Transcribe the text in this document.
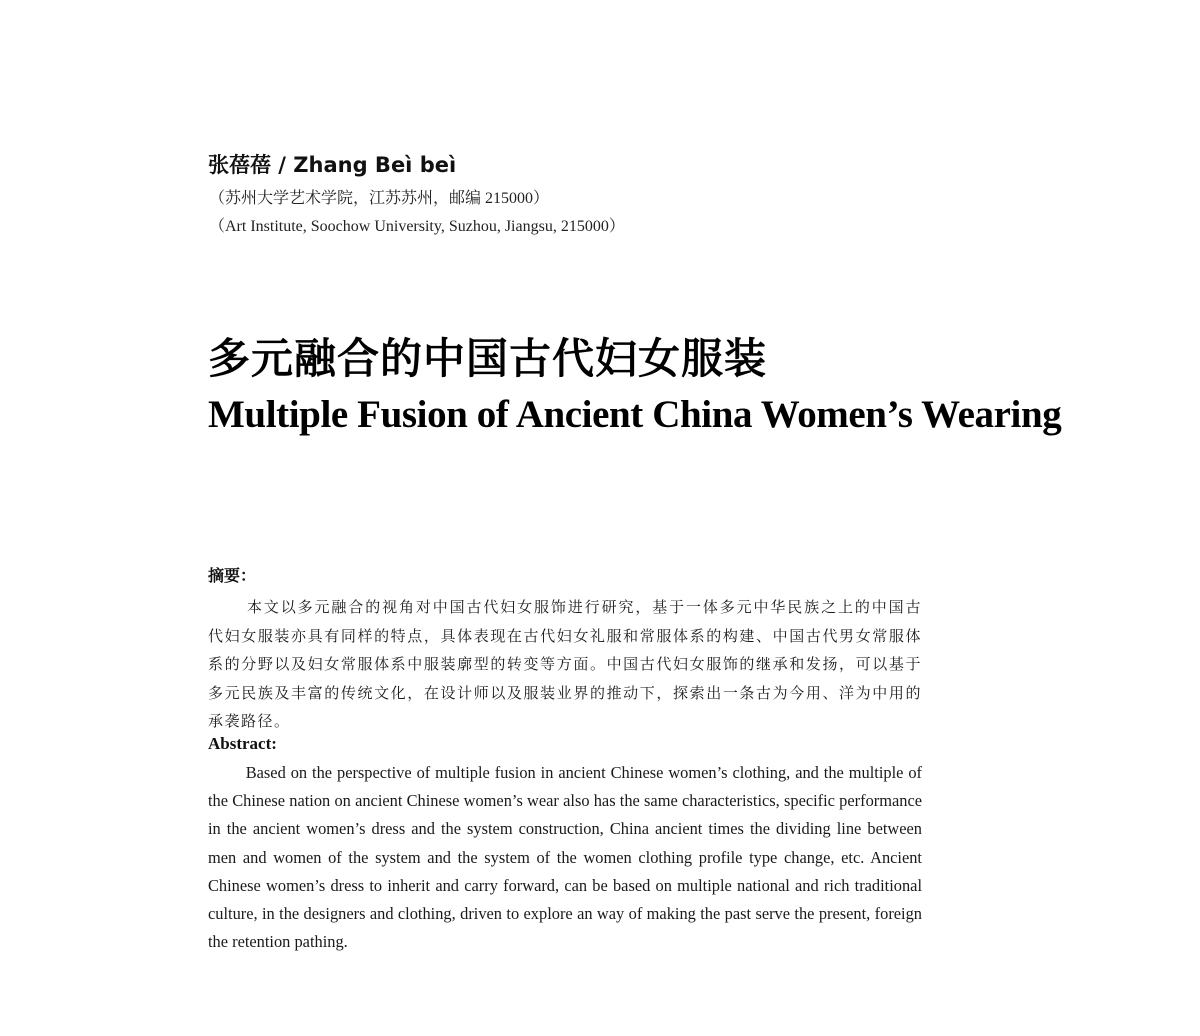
张蓓蓓 / Zhang Beì beì
（苏州大学艺术学院，江苏苏州，邮编 215000）
（Art Institute, Soochow University, Suzhou, Jiangsu, 215000）
多元融合的中国古代妇女服装
Multiple Fusion of Ancient China Women’s Wearing
摘要：

本文以多元融合的视角对中国古代妇女服饰进行研究，基于一体多元中华民族之上的中国古代妇女服装亦具有同样的特点，具体表现在古代妇女礼服和常服体系的构建、中国古代男女常服体系的分野以及妇女常服体系中服装廓型的转变等方面。中国古代妇女服饰的继承和发扬，可以基于多元民族及丰富的传统文化，在设计师以及服装业界的推动下，探索出一条古为今用、洋为中用的承袭路径。

Abstract:

Based on the perspective of multiple fusion in ancient Chinese women’s clothing, and the multiple of the Chinese nation on ancient Chinese women’s wear also has the same characteristics, specific performance in the ancient women’s dress and the system construction, China ancient times the dividing line between men and women of the system and the system of the women clothing profile type change, etc. Ancient Chinese women’s dress to inherit and carry forward, can be based on multiple national and rich traditional culture, in the designers and clothing, driven to explore an way of making the past serve the present, foreign the retention pathing.
